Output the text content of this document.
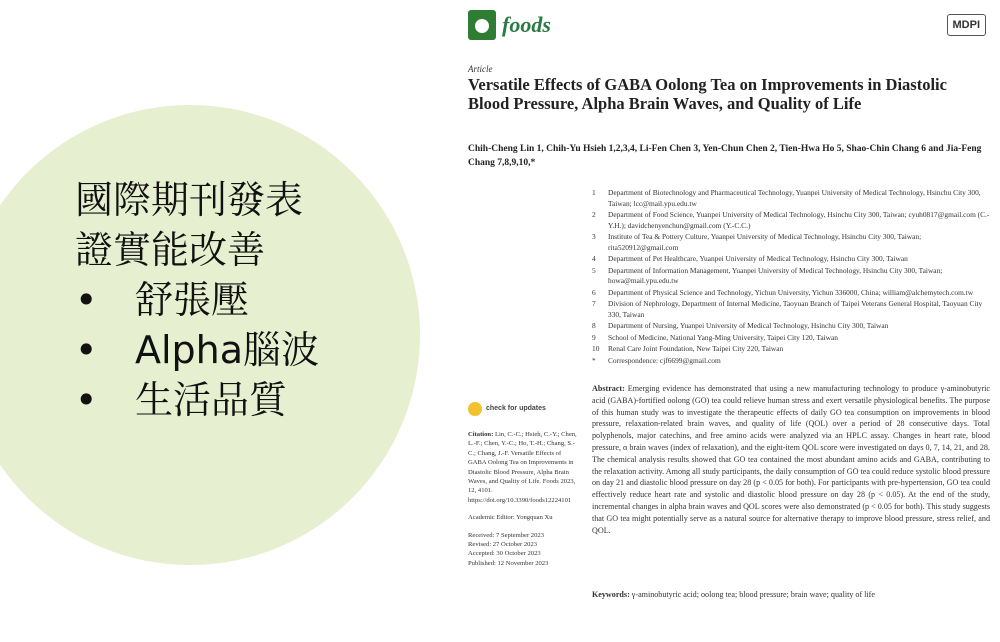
國際期刊發表
證實能改善
• 舒張壓
• Alpha腦波
• 生活品質
foods	MDPI
Article
Versatile Effects of GABA Oolong Tea on Improvements in Diastolic Blood Pressure, Alpha Brain Waves, and Quality of Life
Chih-Cheng Lin 1, Chih-Yu Hsieh 1,2,3,4, Li-Fen Chen 3, Yen-Chun Chen 2, Tien-Hwa Ho 5, Shao-Chin Chang 6 and Jia-Feng Chang 7,8,9,10,*
1	Department of Biotechnology and Pharmaceutical Technology, Yuanpei University of Medical Technology, Hsinchu City 300, Taiwan; lcc@mail.ypu.edu.tw
2	Department of Food Science, Yuanpei University of Medical Technology, Hsinchu City 300, Taiwan; cyuh0817@gmail.com (C.-Y.H.); davidchenyenchun@gmail.com (Y.-C.C.)
3	Institute of Tea & Pottery Culture, Yuanpei University of Medical Technology, Hsinchu City 300, Taiwan; rita520912@gmail.com
4	Department of Pet Healthcare, Yuanpei University of Medical Technology, Hsinchu City 300, Taiwan
5	Department of Information Management, Yuanpei University of Medical Technology, Hsinchu City 300, Taiwan; howa@mail.ypu.edu.tw
6	Department of Physical Science and Technology, Yichun University, Yichun 336000, China; william@alchemytech.com.tw
7	Division of Nephrology, Department of Internal Medicine, Taoyuan Branch of Taipei Veterans General Hospital, Taoyuan City 330, Taiwan
8	Department of Nursing, Yuanpei University of Medical Technology, Hsinchu City 300, Taiwan
9	School of Medicine, National Yang-Ming University, Taipei City 120, Taiwan
10	Renal Care Joint Foundation, New Taipei City 220, Taiwan
*	Correspondence: cjf6699@gmail.com
check for updates
Citation: Lin, C.-C.; Hsieh, C.-Y.; Chen, L.-F.; Chen, Y.-C.; Ho, T.-H.; Chang, S.-C.; Chang, J.-F. Versatile Effects of GABA Oolong Tea on Improvements in Diastolic Blood Pressure, Alpha Brain Waves, and Quality of Life. Foods 2023, 12, 4101. https://doi.org/10.3390/foods12224101
Academic Editor: Yongquan Xu
Received: 7 September 2023
Revised: 27 October 2023
Accepted: 30 October 2023
Published: 12 November 2023
Abstract: Emerging evidence has demonstrated that using a new manufacturing technology to produce γ-aminobutyric acid (GABA)-fortified oolong (GO) tea could relieve human stress and exert versatile physiological benefits. The purpose of this human study was to investigate the therapeutic effects of daily GO tea consumption on improvements in blood pressure, relaxation-related brain waves, and quality of life (QOL) over a period of 28 consecutive days. Total polyphenols, major catechins, and free amino acids were analyzed via an HPLC assay. Changes in heart rate, blood pressure, α brain waves (index of relaxation), and the eight-item QOL score were investigated on days 0, 7, 14, 21, and 28. The chemical analysis results showed that GO tea contained the most abundant amino acids and GABA, contributing to the relaxation activity. Among all study participants, the daily consumption of GO tea could reduce systolic blood pressure on day 21 and diastolic blood pressure on day 28 (p < 0.05 for both). For participants with pre-hypertension, GO tea could effectively reduce heart rate and systolic and diastolic blood pressure on day 28 (p < 0.05). At the end of the study, incremental changes in alpha brain waves and QOL scores were also demonstrated (p < 0.05 for both). This study suggests that GO tea might potentially serve as a natural source for alternative therapy to improve blood pressure, stress relief, and QOL.
Keywords: γ-aminobutyric acid; oolong tea; blood pressure; brain wave; quality of life
